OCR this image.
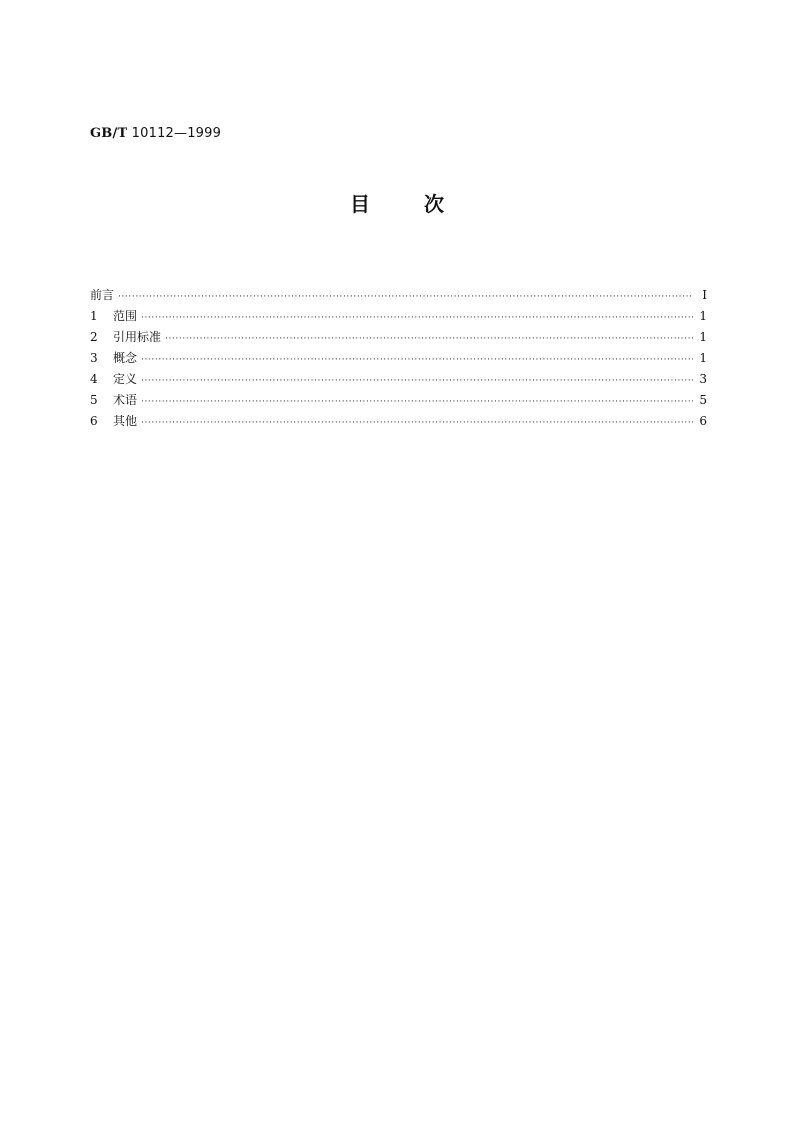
GB/T 10112—1999
目次
前言 ·····	I
1	范围 ·····	1
2	引用标准 ·····	1
3	概念 ·····	1
4	定义 ·····	3
5	术语 ·····	5
6	其他 ·····	6
